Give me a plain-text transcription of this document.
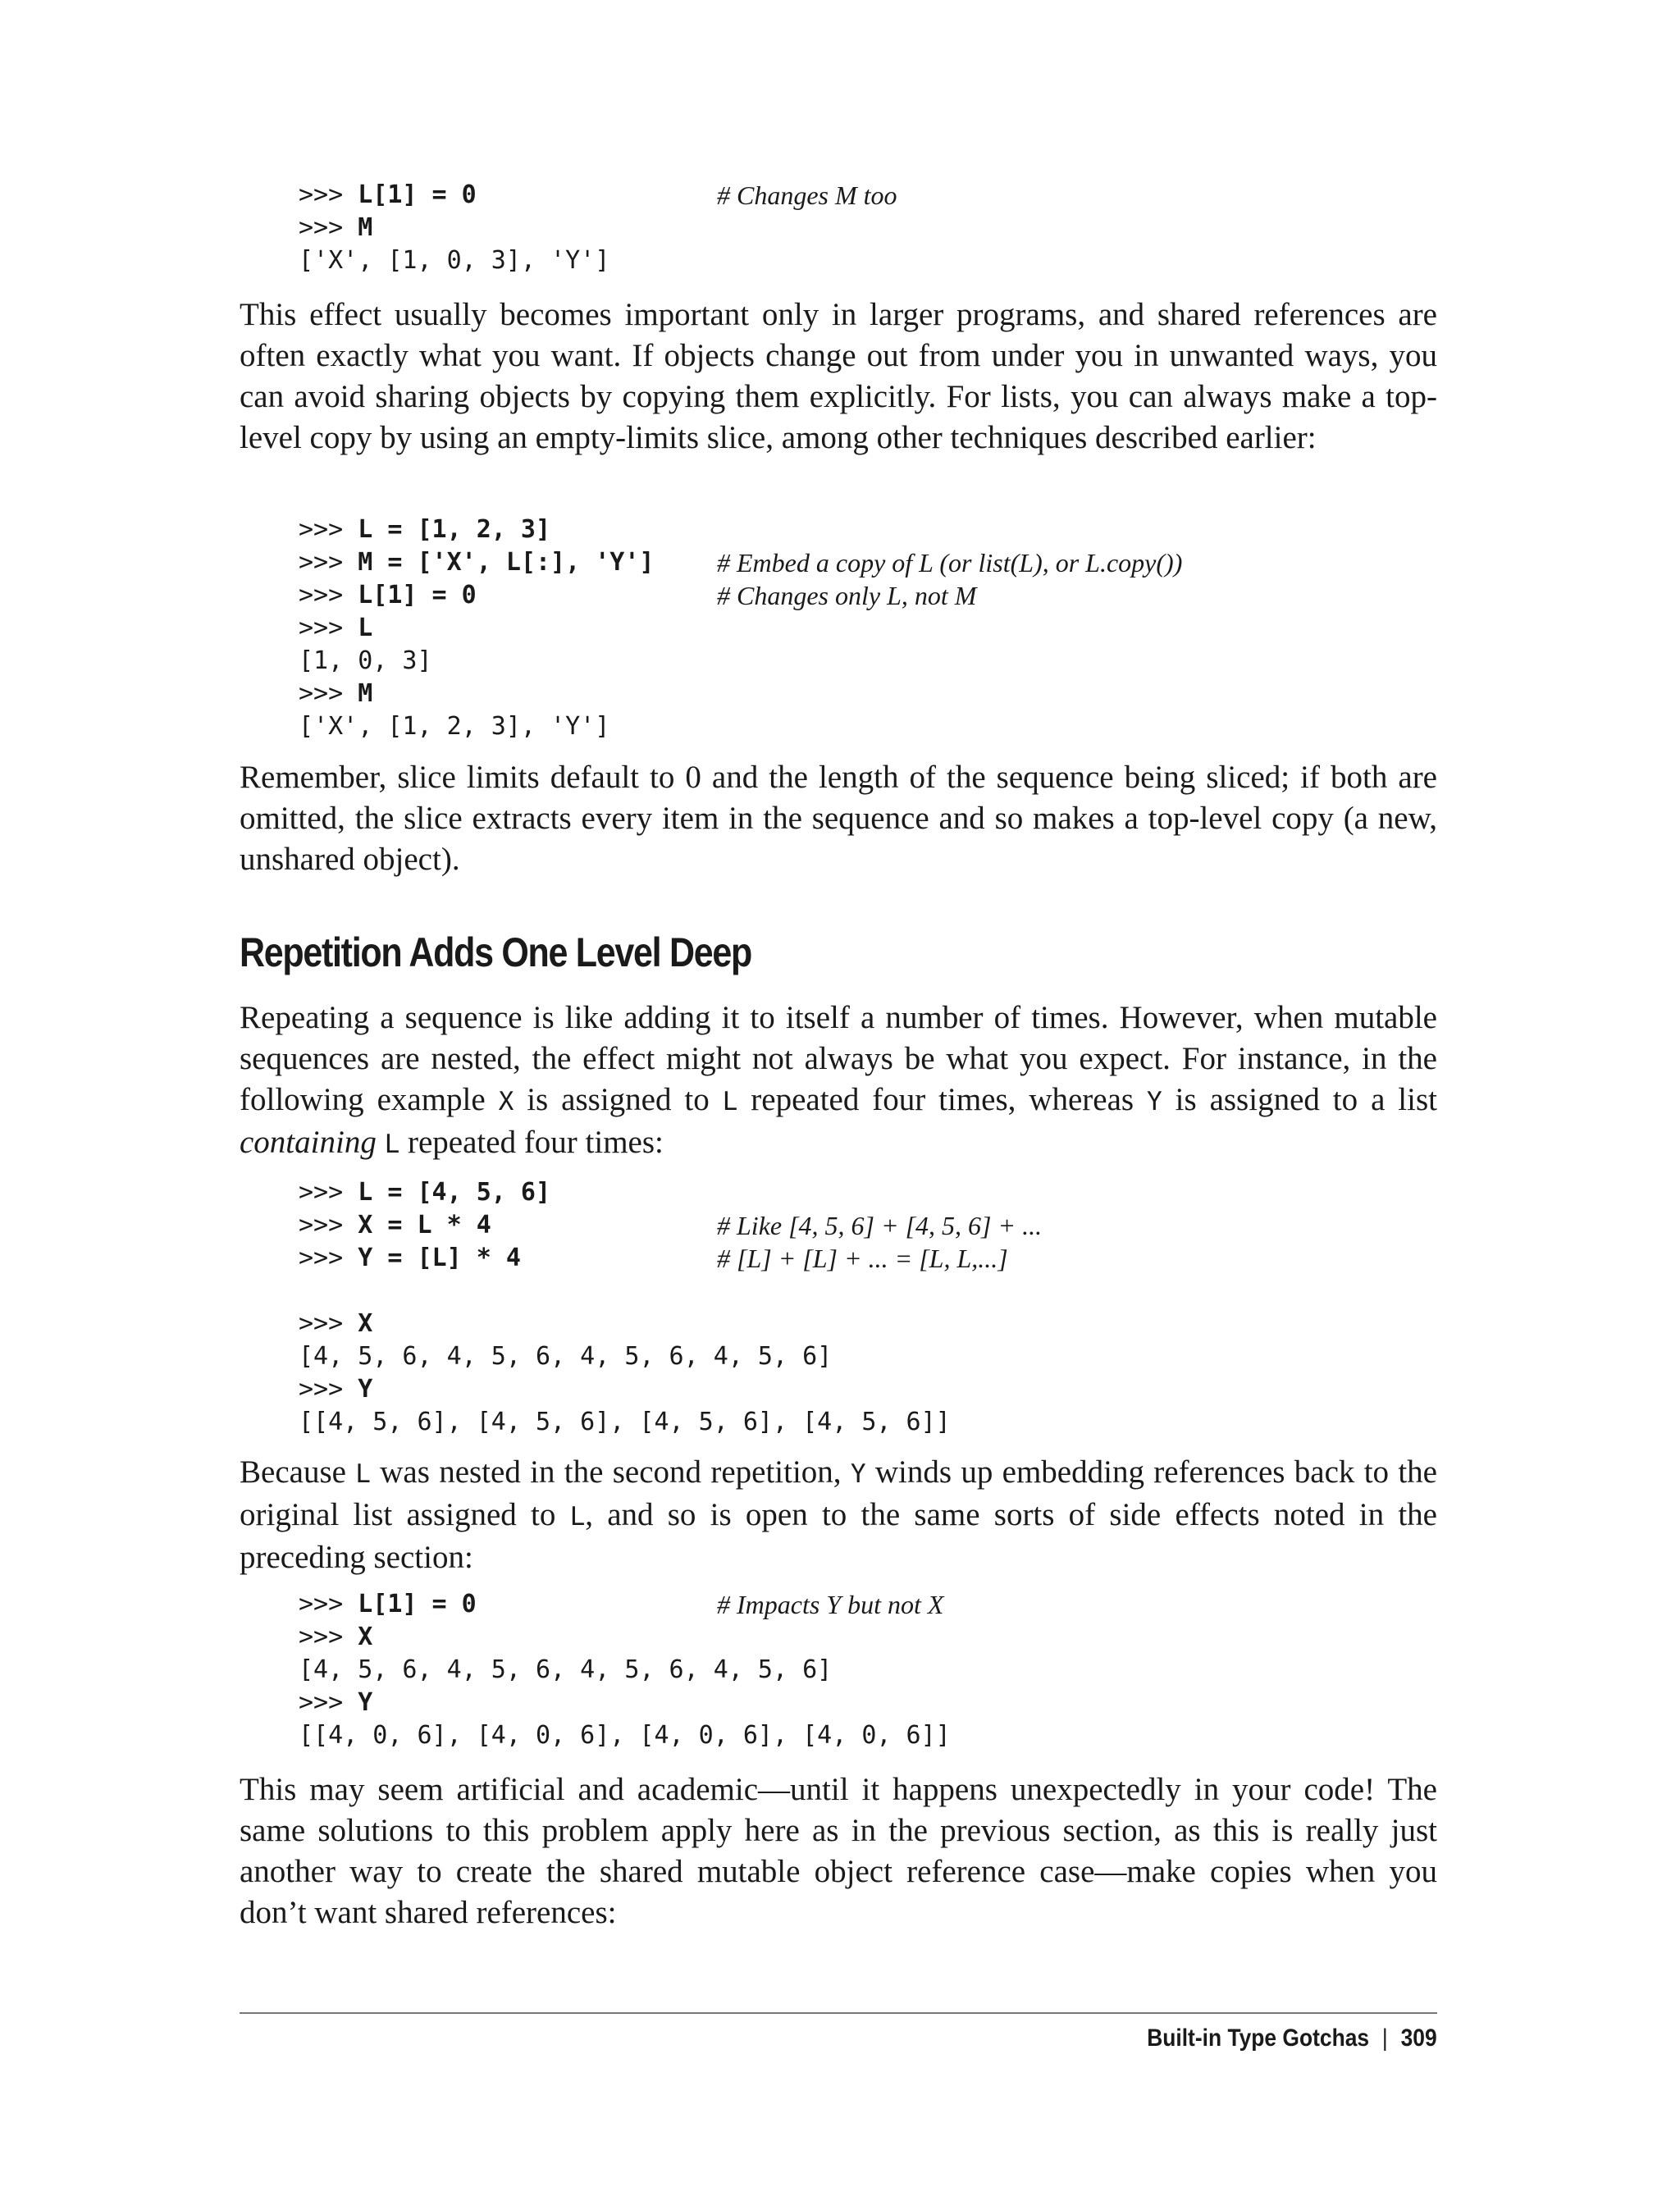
>>> L[1] = 0	# Changes M too
>>> M
['X', [1, 0, 3], 'Y']
This effect usually becomes important only in larger programs, and shared references are often exactly what you want. If objects change out from under you in unwanted ways, you can avoid sharing objects by copying them explicitly. For lists, you can always make a top-level copy by using an empty-limits slice, among other techniques described earlier:
>>> L = [1, 2, 3]
>>> M = ['X', L[:], 'Y'] # Embed a copy of L (or list(L), or L.copy())
>>> L[1] = 0	# Changes only L, not M
>>> L
[1, 0, 3]
>>> M
['X', [1, 2, 3], 'Y']
Remember, slice limits default to 0 and the length of the sequence being sliced; if both are omitted, the slice extracts every item in the sequence and so makes a top-level copy (a new, unshared object).
Repetition Adds One Level Deep
Repeating a sequence is like adding it to itself a number of times. However, when mutable sequences are nested, the effect might not always be what you expect. For instance, in the following example X is assigned to L repeated four times, whereas Y is assigned to a list containing L repeated four times:
>>> L = [4, 5, 6]
>>> X = L * 4	# Like [4, 5, 6] + [4, 5, 6] + ...
>>> Y = [L] * 4	# [L] + [L] + ... = [L, L,...]
>>> X
[4, 5, 6, 4, 5, 6, 4, 5, 6, 4, 5, 6]
>>> Y
[[4, 5, 6], [4, 5, 6], [4, 5, 6], [4, 5, 6]]
Because L was nested in the second repetition, Y winds up embedding references back to the original list assigned to L, and so is open to the same sorts of side effects noted in the preceding section:
>>> L[1] = 0	# Impacts Y but not X
>>> X
[4, 5, 6, 4, 5, 6, 4, 5, 6, 4, 5, 6]
>>> Y
[[4, 0, 6], [4, 0, 6], [4, 0, 6], [4, 0, 6]]
This may seem artificial and academic—until it happens unexpectedly in your code! The same solutions to this problem apply here as in the previous section, as this is really just another way to create the shared mutable object reference case—make copies when you don’t want shared references:
Built-in Type Gotchas | 309
